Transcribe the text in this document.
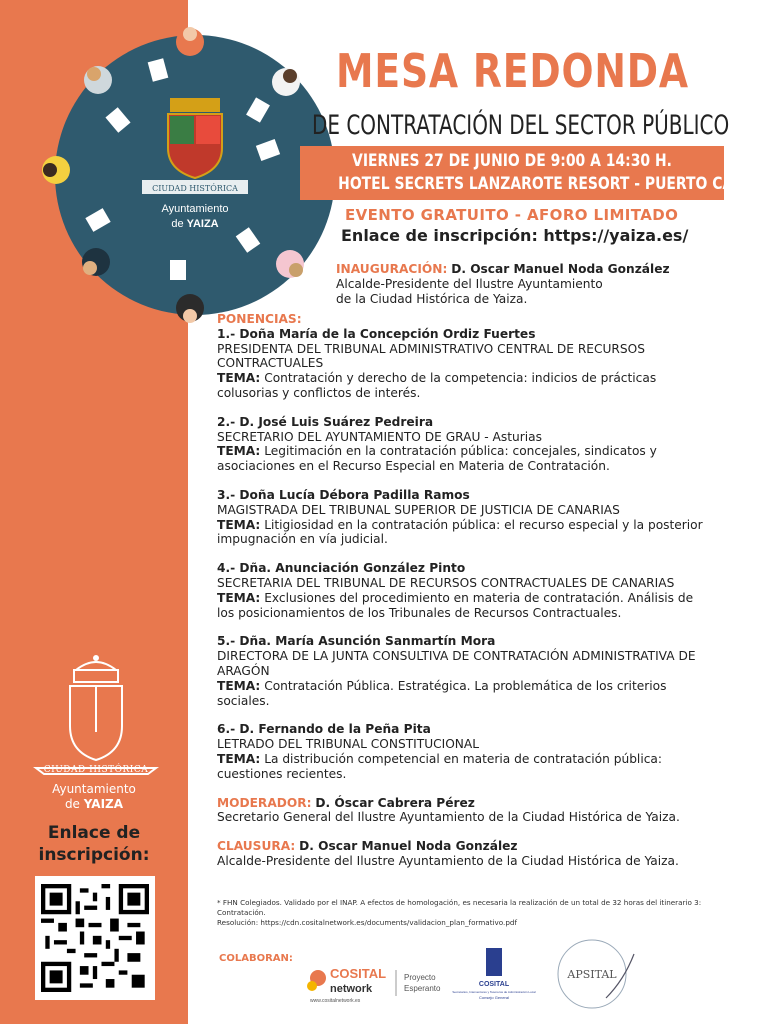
CIUDAD HISTÓRICA
Ayuntamiento
de YAIZA
MESA REDONDA
DE CONTRATACIÓN DEL SECTOR PÚBLICO
VIERNES 27 DE JUNIO DE 9:00 A 14:30 H.
HOTEL SECRETS LANZAROTE RESORT - PUERTO CALERO
EVENTO GRATUITO - AFORO LIMITADO
Enlace de inscripción: https://yaiza.es/
INAUGURACIÓN: D. Oscar Manuel Noda González
Alcalde-Presidente del Ilustre Ayuntamiento
de la Ciudad Histórica de Yaiza.
PONENCIAS:
1.- Doña María de la Concepción Ordiz Fuertes
PRESIDENTA DEL TRIBUNAL ADMINISTRATIVO CENTRAL DE RECURSOS CONTRACTUALES
TEMA: Contratación y derecho de la competencia: indicios de prácticas colusorias y conflictos de interés.
2.- D. José Luis Suárez Pedreira
SECRETARIO DEL AYUNTAMIENTO DE GRAU - Asturias
TEMA: Legitimación en la contratación pública: concejales, sindicatos y asociaciones en el Recurso Especial en Materia de Contratación.
3.- Doña Lucía Débora Padilla Ramos
MAGISTRADA DEL TRIBUNAL SUPERIOR DE JUSTICIA DE CANARIAS
TEMA: Litigiosidad en la contratación pública: el recurso especial y la posterior impugnación en vía judicial.
4.- Dña. Anunciación González Pinto
SECRETARIA DEL TRIBUNAL DE RECURSOS CONTRACTUALES DE CANARIAS
TEMA: Exclusiones del procedimiento en materia de contratación. Análisis de los posicionamientos de los Tribunales de Recursos Contractuales.
5.- Dña. María Asunción Sanmartín Mora
DIRECTORA DE LA JUNTA CONSULTIVA DE CONTRATACIÓN ADMINISTRATIVA DE ARAGÓN
TEMA: Contratación Pública. Estratégica. La problemática de los criterios sociales.
6.- D. Fernando de la Peña Pita
LETRADO DEL TRIBUNAL CONSTITUCIONAL
TEMA: La distribución competencial en materia de contratación pública: cuestiones recientes.
MODERADOR: D. Óscar Cabrera Pérez
Secretario General del Ilustre Ayuntamiento de la Ciudad Histórica de Yaiza.
CLAUSURA: D. Oscar Manuel Noda González
Alcalde-Presidente del Ilustre Ayuntamiento de la Ciudad Histórica de Yaiza.
* FHN Colegiados. Validado por el INAP. A efectos de homologación, es necesaria la realización de un total de 32 horas del itinerario 3: Contratación.
Resolución: https://cdn.cositalnetwork.es/documents/validacion_plan_formativo.pdf
COLABORAN:
COSITAL
network
www.cositalnetwork.es
Proyecto
Esperanto	COSITAL
Secretarios, Interventores y Tesoreros de Administración Local
Consejo General
APSITAL
CIUDAD HISTÓRICA
Ayuntamiento
de YAIZA
Enlace de inscripción:
